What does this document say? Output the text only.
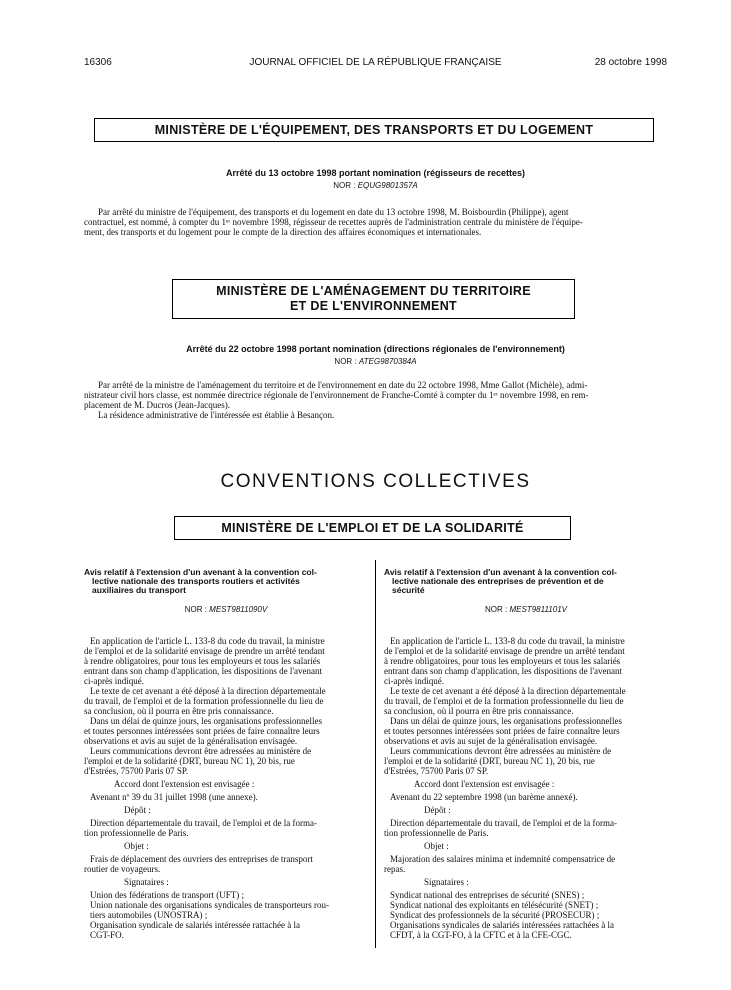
16306	JOURNAL OFFICIEL DE LA RÉPUBLIQUE FRANÇAISE	28 octobre 1998
MINISTÈRE DE L'ÉQUIPEMENT, DES TRANSPORTS ET DU LOGEMENT
Arrêté du 13 octobre 1998 portant nomination (régisseurs de recettes)
NOR : EQUG9801357A
Par arrêté du ministre de l'équipement, des transports et du logement en date du 13 octobre 1998, M. Boisbourdin (Philippe), agent
contractuel, est nommé, à compter du 1ᵉʳ novembre 1998, régisseur de recettes auprès de l'administration centrale du ministère de l'équipe-
ment, des transports et du logement pour le compte de la direction des affaires économiques et internationales.
MINISTÈRE DE L'AMÉNAGEMENT DU TERRITOIRE
ET DE L'ENVIRONNEMENT
Arrêté du 22 octobre 1998 portant nomination (directions régionales de l'environnement)
NOR : ATEG9870384A
Par arrêté de la ministre de l'aménagement du territoire et de l'environnement en date du 22 octobre 1998, Mme Gallot (Michèle), admi-
nistrateur civil hors classe, est nommée directrice régionale de l'environnement de Franche-Comté à compter du 1ᵉʳ novembre 1998, en rem-
placement de M. Ducros (Jean-Jacques).
La résidence administrative de l'intéressée est établie à Besançon.
CONVENTIONS COLLECTIVES
MINISTÈRE DE L'EMPLOI ET DE LA SOLIDARITÉ
Avis relatif à l'extension d'un avenant à la convention col-
lective nationale des transports routiers et activités
auxiliaires du transport
NOR : MEST9811090V
En application de l'article L. 133-8 du code du travail, la ministre
de l'emploi et de la solidarité envisage de prendre un arrêté tendant
à rendre obligatoires, pour tous les employeurs et tous les salariés
entrant dans son champ d'application, les dispositions de l'avenant
ci-après indiqué.
Le texte de cet avenant a été déposé à la direction départementale
du travail, de l'emploi et de la formation professionnelle du lieu de
sa conclusion, où il pourra en être pris connaissance.
Dans un délai de quinze jours, les organisations professionnelles
et toutes personnes intéressées sont priées de faire connaître leurs
observations et avis au sujet de la généralisation envisagée.
Leurs communications devront être adressées au ministère de
l'emploi et de la solidarité (DRT, bureau NC 1), 20 bis, rue
d'Estrées, 75700 Paris 07 SP.
Accord dont l'extension est envisagée :
Avenant nº 39 du 31 juillet 1998 (une annexe).
Dépôt :
Direction départementale du travail, de l'emploi et de la forma-
tion professionnelle de Paris.
Objet :
Frais de déplacement des ouvriers des entreprises de transport
routier de voyageurs.
Signataires :
Union des fédérations de transport (UFT) ;
Union nationale des organisations syndicales de transporteurs rou-
tiers automobiles (UNOSTRA) ;
Organisation syndicale de salariés intéressée rattachée à la
CGT-FO.
Avis relatif à l'extension d'un avenant à la convention col-
lective nationale des entreprises de prévention et de
sécurité
NOR : MEST9811101V
En application de l'article L. 133-8 du code du travail, la ministre
de l'emploi et de la solidarité envisage de prendre un arrêté tendant
à rendre obligatoires, pour tous les employeurs et tous les salariés
entrant dans son champ d'application, les dispositions de l'avenant
ci-après indiqué.
Le texte de cet avenant a été déposé à la direction départementale
du travail, de l'emploi et de la formation professionnelle du lieu de
sa conclusion, où il pourra en être pris connaissance.
Dans un délai de quinze jours, les organisations professionnelles
et toutes personnes intéressées sont priées de faire connaître leurs
observations et avis au sujet de la généralisation envisagée.
Leurs communications devront être adressées au ministère de
l'emploi et de la solidarité (DRT, bureau NC 1), 20 bis, rue
d'Estrées, 75700 Paris 07 SP.
Accord dont l'extension est envisagée :
Avenant du 22 septembre 1998 (un barème annexé).
Dépôt :
Direction départementale du travail, de l'emploi et de la forma-
tion professionnelle de Paris.
Objet :
Majoration des salaires minima et indemnité compensatrice de
repas.
Signataires :
Syndicat national des entreprises de sécurité (SNES) ;
Syndicat national des exploitants en télésécurité (SNET) ;
Syndicat des professionnels de la sécurité (PROSECUR) ;
Organisations syndicales de salariés intéressées rattachées à la
CFDT, à la CGT-FO, à la CFTC et à la CFE-CGC.
